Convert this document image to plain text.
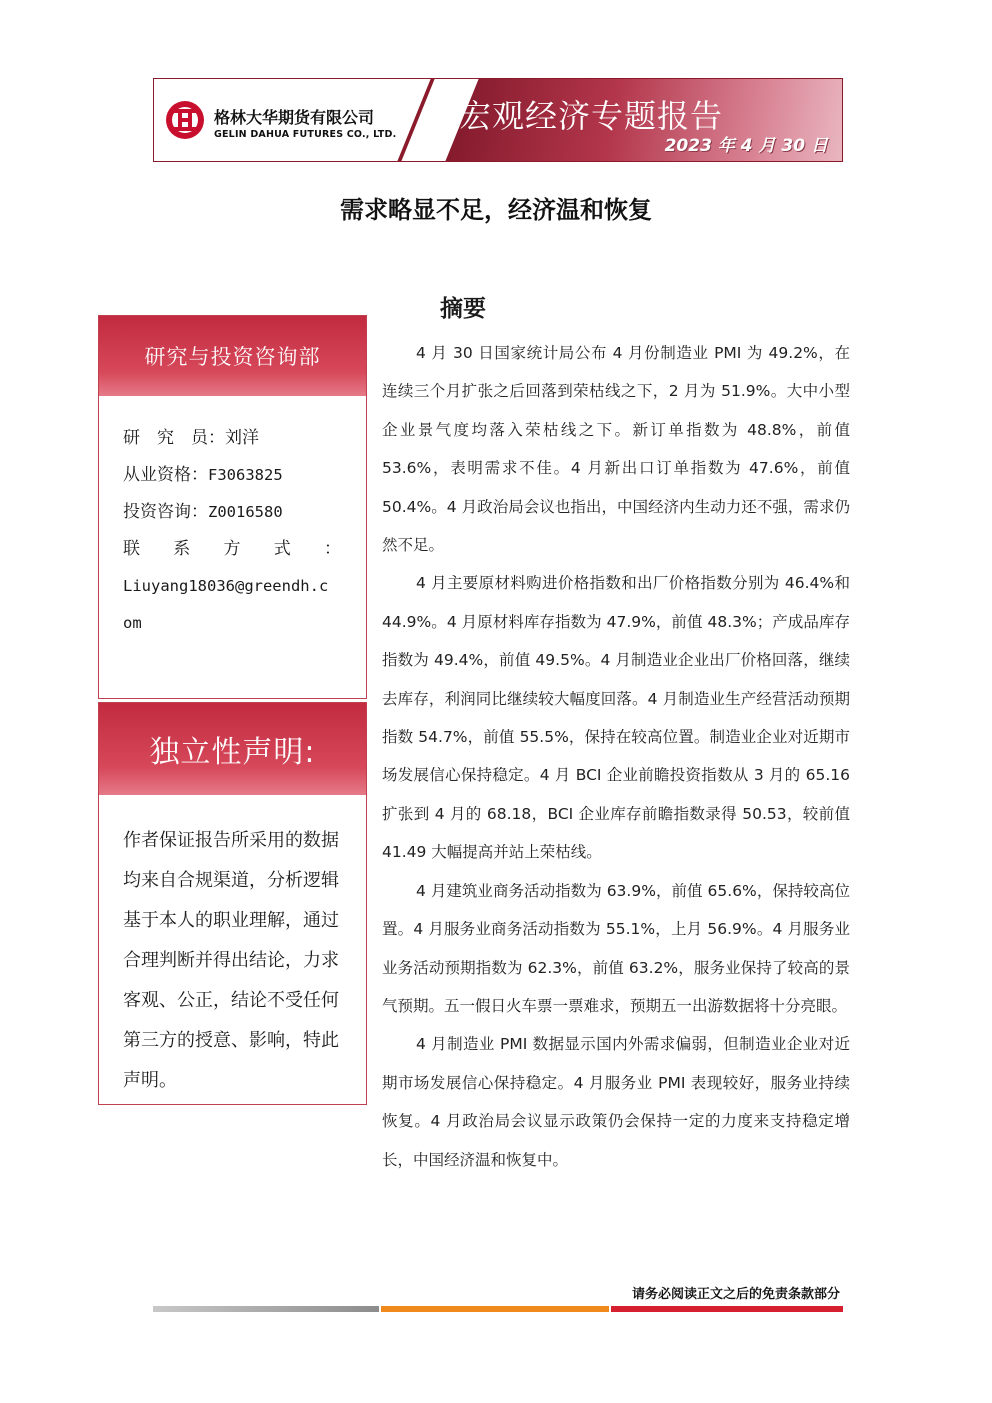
格林大华期货有限公司
GELIN DAHUA FUTURES CO., LTD. 宏观经济专题报告
2023 年 4 月 30 日
需求略显不足，经济温和恢复
摘要
研究与投资咨询部
研　究　员：刘洋
从业资格：F3063825
投资咨询：Z0016580
联 系 方 式 ：
Liuyang18036@greendh.c
om
独立性声明:
作者保证报告所采用的数据均来自合规渠道，分析逻辑基于本人的职业理解，通过合理判断并得出结论，力求客观、公正，结论不受任何第三方的授意、影响，特此声明。

4 月 30 日国家统计局公布 4 月份制造业 PMI 为 49.2%，在连续三个月扩张之后回落到荣枯线之下，2 月为 51.9%。大中小型企业景气度均落入荣枯线之下。新订单指数为 48.8%，前值 53.6%，表明需求不佳。4 月新出口订单指数为 47.6%，前值 50.4%。4 月政治局会议也指出，中国经济内生动力还不强，需求仍然不足。

4 月主要原材料购进价格指数和出厂价格指数分别为 46.4%和 44.9%。4 月原材料库存指数为 47.9%，前值 48.3%；产成品库存指数为 49.4%，前值 49.5%。4 月制造业企业出厂价格回落，继续去库存，利润同比继续较大幅度回落。4 月制造业生产经营活动预期指数 54.7%，前值 55.5%，保持在较高位置。制造业企业对近期市场发展信心保持稳定。4 月 BCI 企业前瞻投资指数从 3 月的 65.16 扩张到 4 月的 68.18，BCI 企业库存前瞻指数录得 50.53，较前值 41.49 大幅提高并站上荣枯线。

4 月建筑业商务活动指数为 63.9%，前值 65.6%，保持较高位置。4 月服务业商务活动指数为 55.1%，上月 56.9%。4 月服务业业务活动预期指数为 62.3%，前值 63.2%，服务业保持了较高的景气预期。五一假日火车票一票难求，预期五一出游数据将十分亮眼。

4 月制造业 PMI 数据显示国内外需求偏弱，但制造业企业对近期市场发展信心保持稳定。4 月服务业 PMI 表现较好，服务业持续恢复。4 月政治局会议显示政策仍会保持一定的力度来支持稳定增长，中国经济温和恢复中。

请务必阅读正文之后的免责条款部分
